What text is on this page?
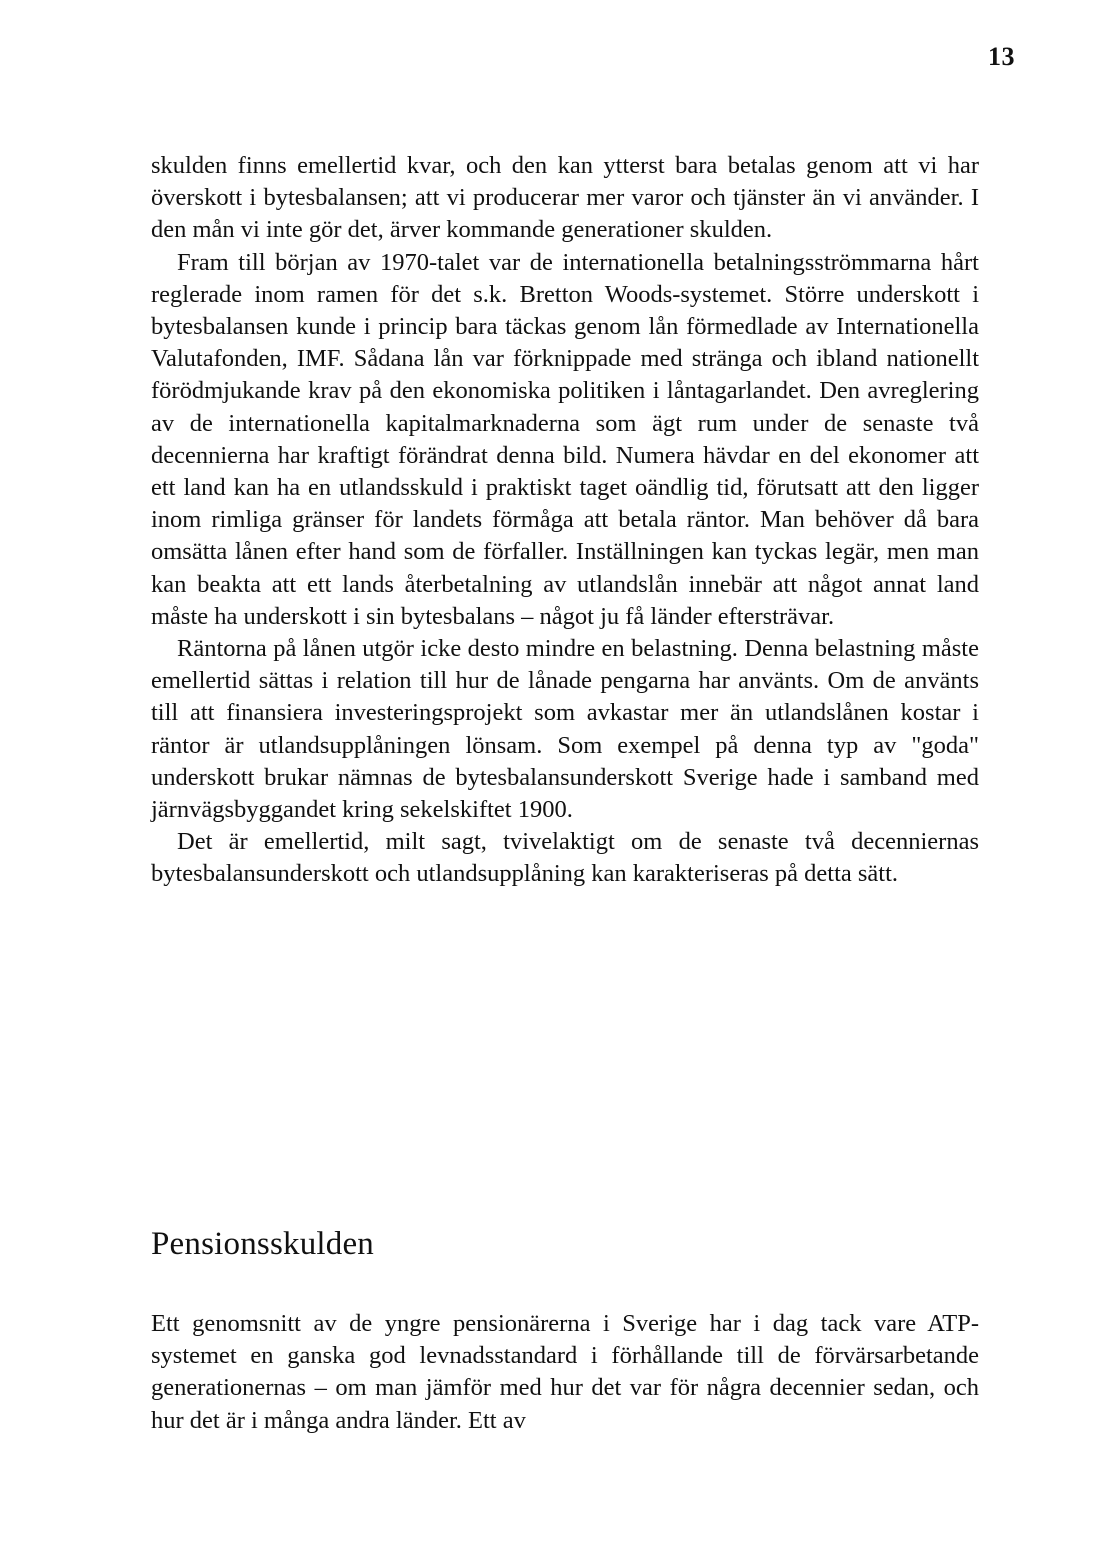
13

skulden finns emellertid kvar, och den kan ytterst bara betalas genom att vi har överskott i bytesbalansen; att vi producerar mer varor och tjänster än vi använder. I den mån vi inte gör det, ärver kommande generationer skulden.

Fram till början av 1970-talet var de internationella betalningsströmmarna hårt reglerade inom ramen för det s.k. Bretton Woods-systemet. Större underskott i bytesbalansen kunde i princip bara täckas genom lån förmedlade av Internationella Valutafonden, IMF. Sådana lån var förknippade med stränga och ibland nationellt förödmjukande krav på den ekonomiska politiken i låntagarlandet. Den avreglering av de internationella kapitalmarknaderna som ägt rum under de senaste två decennierna har kraftigt förändrat denna bild. Numera hävdar en del ekonomer att ett land kan ha en utlandsskuld i praktiskt taget oändlig tid, förutsatt att den ligger inom rimliga gränser för landets förmåga att betala räntor. Man behöver då bara omsätta lånen efter hand som de förfaller. Inställningen kan tyckas legär, men man kan beakta att ett lands återbetalning av utlandslån innebär att något annat land måste ha underskott i sin bytesbalans – något ju få länder eftersträvar.

Räntorna på lånen utgör icke desto mindre en belastning. Denna belastning måste emellertid sättas i relation till hur de lånade pengarna har använts. Om de använts till att finansiera investeringsprojekt som avkastar mer än utlandslånen kostar i räntor är utlandsupplåningen lönsam. Som exempel på denna typ av "goda" underskott brukar nämnas de bytesbalansunderskott Sverige hade i samband med järnvägsbyggandet kring sekelskiftet 1900.

Det är emellertid, milt sagt, tvivelaktigt om de senaste två decenniernas bytesbalansunderskott och utlandsupplåning kan karakteriseras på detta sätt.

Pensionsskulden

Ett genomsnitt av de yngre pensionärerna i Sverige har i dag tack vare ATP-systemet en ganska god levnadsstandard i förhållande till de förvärsarbetande generationernas – om man jämför med hur det var för några decennier sedan, och hur det är i många andra länder. Ett av
